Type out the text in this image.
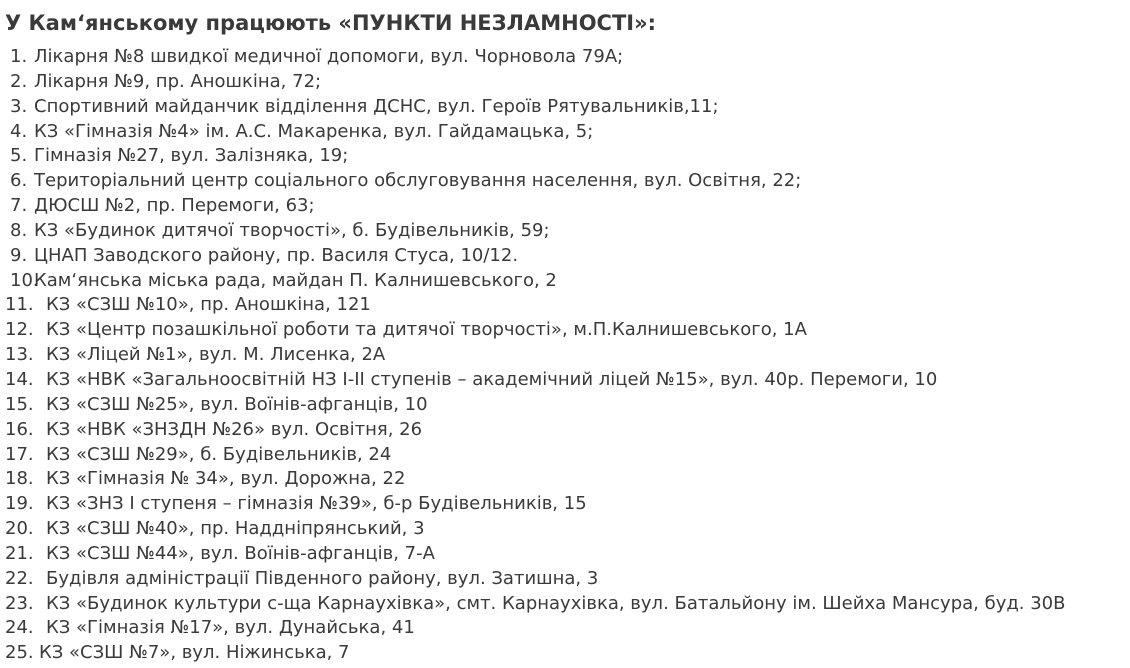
У Кам‘янському працюють «ПУНКТИ НЕЗЛАМНОСТІ»:
1. Лікарня №8 швидкої медичної допомоги, вул. Чорновола 79А;
2. Лікарня №9, пр. Аношкіна, 72;
3. Спортивний майданчик відділення ДСНС, вул. Героїв Рятувальників,11;
4. КЗ «Гімназія №4» ім. А.С. Макаренка, вул. Гайдамацька, 5;
5. Гімназія №27, вул. Залізняка, 19;
6. Територіальний центр соціального обслуговування населення, вул. Освітня, 22;
7. ДЮСШ №2, пр. Перемоги, 63;
8. КЗ «Будинок дитячої творчості», б. Будівельників, 59;
9. ЦНАП Заводского району, пр. Василя Стуса, 10/12.
10.Кам‘янська міська рада, майдан П. Калнишевського, 2
11. КЗ «СЗШ №10», пр. Аношкіна, 121
12. КЗ «Центр позашкільної роботи та дитячої творчості», м.П.Калнишевського, 1А
13. КЗ «Ліцей №1», вул. М. Лисенка, 2А
14. КЗ «НВК «Загальноосвітній НЗ І-ІІ ступенів – академічний ліцей №15», вул. 40р. Перемоги, 10
15. КЗ «СЗШ №25», вул. Воїнів-афганців, 10
16. КЗ «НВК «ЗНЗДН №26» вул. Освітня, 26
17. КЗ «СЗШ №29», б. Будівельників, 24
18. КЗ «Гімназія № 34», вул. Дорожна, 22
19. КЗ «ЗНЗ І ступеня – гімназія №39», б-р Будівельників, 15
20. КЗ «СЗШ №40», пр. Наддніпрянський, 3
21. КЗ «СЗШ №44», вул. Воїнів-афганців, 7-А
22. Будівля адміністрації Південного району, вул. Затишна, 3
23. КЗ «Будинок культури с-ща Карнаухівка», смт. Карнаухівка, вул. Батальйону ім. Шейха Мансура, буд. 30В
24. КЗ «Гімназія №17», вул. Дунайська, 41
25. КЗ «СЗШ №7», вул. Ніжинська, 7
